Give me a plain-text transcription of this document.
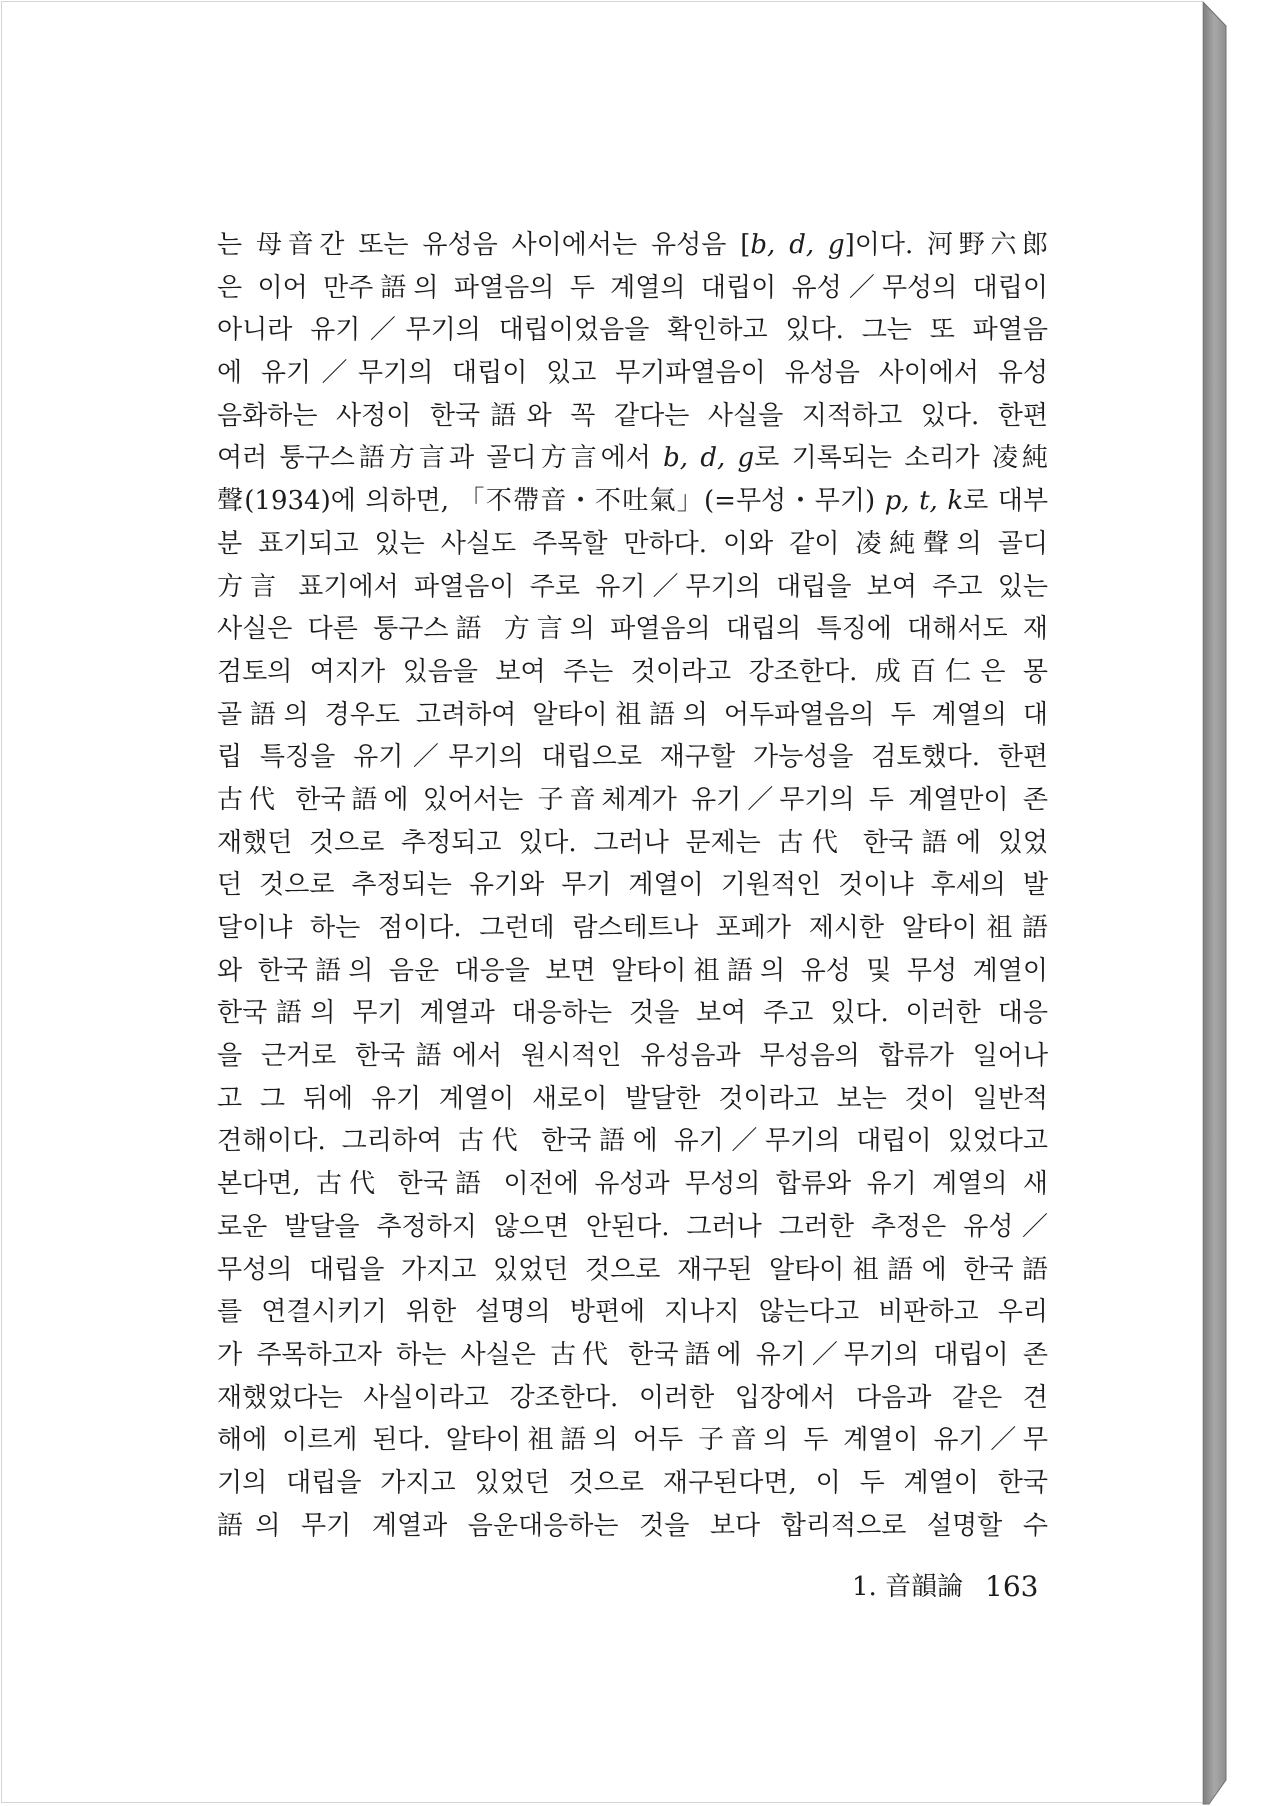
는 母音간 또는 유성음 사이에서는 유성음 [b, d, g]이다. 河野六郎
은 이어 만주語의 파열음의 두 계열의 대립이 유성／무성의 대립이
아니라 유기／무기의 대립이었음을 확인하고 있다. 그는 또 파열음
에 유기／무기의 대립이 있고 무기파열음이 유성음 사이에서 유성
음화하는 사정이 한국語와 꼭 같다는 사실을 지적하고 있다. 한편
여러 퉁구스語方言과 골디方言에서 b, d, g로 기록되는 소리가 凌純
聲(1934)에 의하면, 「不帶音・不吐氣」(=무성・무기) p, t, k로 대부
분 표기되고 있는 사실도 주목할 만하다. 이와 같이 凌純聲의 골디
方言 표기에서 파열음이 주로 유기／무기의 대립을 보여 주고 있는
사실은 다른 퉁구스語 方言의 파열음의 대립의 특징에 대해서도 재
검토의 여지가 있음을 보여 주는 것이라고 강조한다. 成百仁은 몽
골語의 경우도 고려하여 알타이祖語의 어두파열음의 두 계열의 대
립 특징을 유기／무기의 대립으로 재구할 가능성을 검토했다. 한편
古代 한국語에 있어서는 子音체계가 유기／무기의 두 계열만이 존
재했던 것으로 추정되고 있다. 그러나 문제는 古代 한국語에 있었
던 것으로 추정되는 유기와 무기 계열이 기원적인 것이냐 후세의 발
달이냐 하는 점이다. 그런데 람스테트나 포페가 제시한 알타이祖語
와 한국語의 음운 대응을 보면 알타이祖語의 유성 및 무성 계열이
한국語의 무기 계열과 대응하는 것을 보여 주고 있다. 이러한 대응
을 근거로 한국語에서 원시적인 유성음과 무성음의 합류가 일어나
고 그 뒤에 유기 계열이 새로이 발달한 것이라고 보는 것이 일반적
견해이다. 그리하여 古代 한국語에 유기／무기의 대립이 있었다고
본다면, 古代 한국語 이전에 유성과 무성의 합류와 유기 계열의 새
로운 발달을 추정하지 않으면 안된다. 그러나 그러한 추정은 유성／
무성의 대립을 가지고 있었던 것으로 재구된 알타이祖語에 한국語
를 연결시키기 위한 설명의 방편에 지나지 않는다고 비판하고 우리
가 주목하고자 하는 사실은 古代 한국語에 유기／무기의 대립이 존
재했었다는 사실이라고 강조한다. 이러한 입장에서 다음과 같은 견
해에 이르게 된다. 알타이祖語의 어두 子音의 두 계열이 유기／무
기의 대립을 가지고 있었던 것으로 재구된다면, 이 두 계열이 한국
語의 무기 계열과 음운대응하는 것을 보다 합리적으로 설명할 수
1. 音韻論 163
